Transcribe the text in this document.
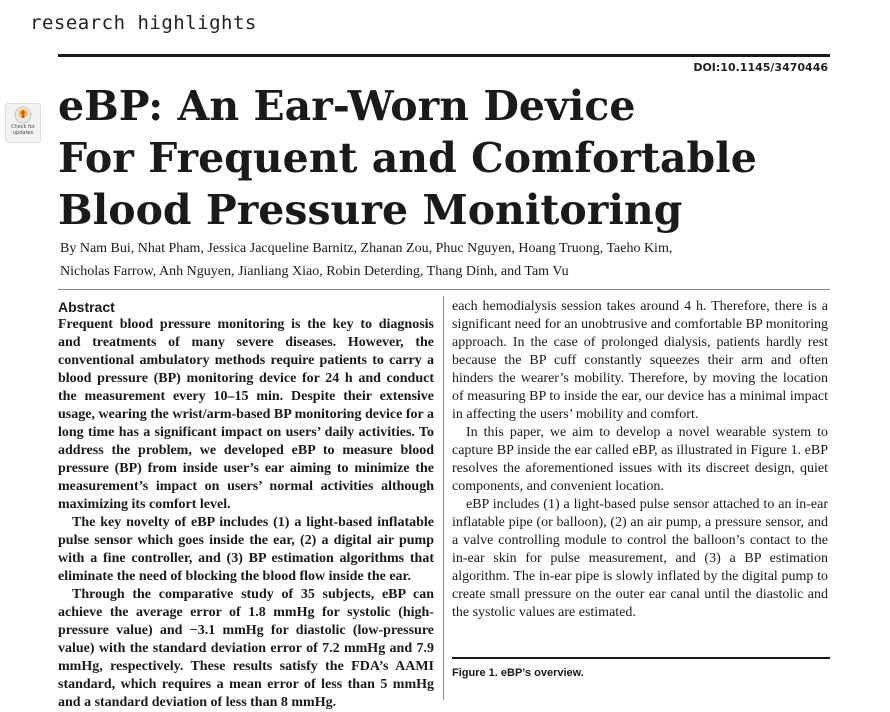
research highlights
DOI:10.1145/3470446
Check for
updates
eBP: An Ear-Worn Device
For Frequent and Comfortable
Blood Pressure Monitoring
By Nam Bui, Nhat Pham, Jessica Jacqueline Barnitz, Zhanan Zou, Phuc Nguyen, Hoang Truong, Taeho Kim,
Nicholas Farrow, Anh Nguyen, Jianliang Xiao, Robin Deterding, Thang Dinh, and Tam Vu

Abstract

Frequent blood pressure monitoring is the key to diagnosis and treatments of many severe diseases. However, the conventional ambulatory methods require patients to carry a blood pressure (BP) monitoring device for 24 h and conduct the measurement every 10–15 min. Despite their extensive usage, wearing the wrist/arm-based BP monitoring device for a long time has a significant impact on users’ daily activities. To address the problem, we developed eBP to measure blood pressure (BP) from inside user’s ear aiming to minimize the measurement’s impact on users’ normal activities although maximizing its comfort level.

The key novelty of eBP includes (1) a light-based inflatable pulse sensor which goes inside the ear, (2) a digital air pump with a fine controller, and (3) BP estimation algorithms that eliminate the need of blocking the blood flow inside the ear.

Through the comparative study of 35 subjects, eBP can achieve the average error of 1.8 mmHg for systolic (high-pressure value) and −3.1 mmHg for diastolic (low-pressure value) with the standard deviation error of 7.2 mmHg and 7.9 mmHg, respectively. These results satisfy the FDA’s AAMI standard, which requires a mean error of less than 5 mmHg and a standard deviation of less than 8 mmHg.

each hemodialysis session takes around 4 h. Therefore, there is a significant need for an unobtrusive and comfortable BP monitoring approach. In the case of prolonged dialysis, patients hardly rest because the BP cuff constantly squeezes their arm and often hinders the wearer’s mobility. Therefore, by moving the location of measuring BP to inside the ear, our device has a minimal impact in affecting the users’ mobility and comfort.

In this paper, we aim to develop a novel wearable system to capture BP inside the ear called eBP, as illustrated in Figure 1. eBP resolves the aforementioned issues with its discreet design, quiet components, and convenient location.

eBP includes (1) a light-based pulse sensor attached to an in-ear inflatable pipe (or balloon), (2) an air pump, a pressure sensor, and a valve controlling module to control the balloon’s contact to the in-ear skin for pulse measurement, and (3) a BP estimation algorithm. The in-ear pipe is slowly inflated by the digital pump to create small pressure on the outer ear canal until the diastolic and the systolic values are estimated.

Figure 1. eBP’s overview.
